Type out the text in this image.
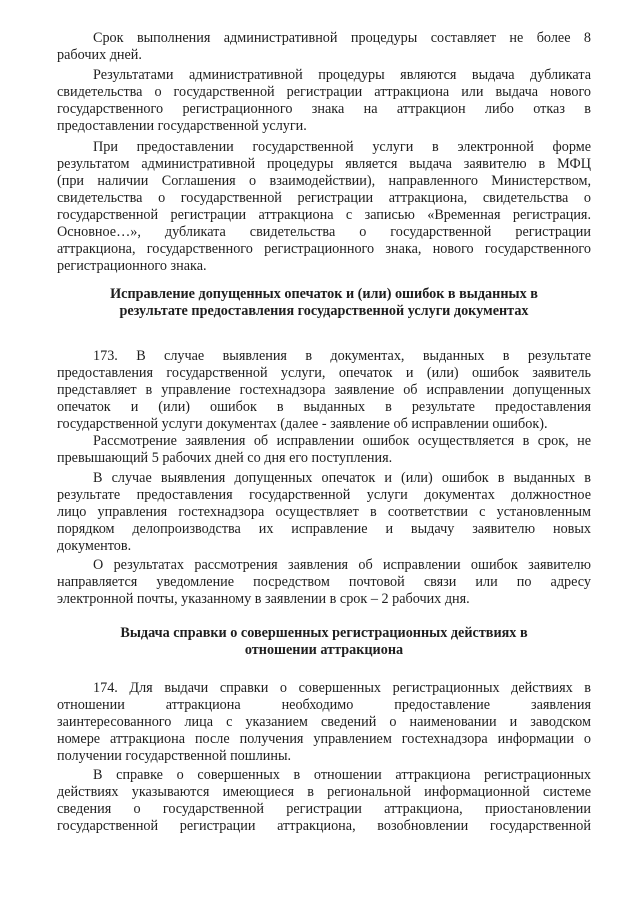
Срок выполнения административной процедуры составляет не более 8
рабочих дней.
Результатами административной процедуры являются выдача дубликата
свидетельства о государственной регистрации аттракциона или выдача нового
государственного регистрационного знака на аттракцион либо отказ в
предоставлении государственной услуги.
При предоставлении государственной услуги в электронной форме
результатом административной процедуры является выдача заявителю в МФЦ
(при наличии Соглашения о взаимодействии), направленного Министерством,
свидетельства о государственной регистрации аттракциона, свидетельства о
государственной регистрации аттракциона с записью «Временная регистрация.
Основное…», дубликата свидетельства о государственной регистрации
аттракциона, государственного регистрационного знака, нового государственного
регистрационного знака.
Исправление допущенных опечаток и (или) ошибок в выданных в
результате предоставления государственной услуги документах
173. В случае выявления в документах, выданных в результате
предоставления государственной услуги, опечаток и (или) ошибок заявитель
представляет в управление гостехнадзора заявление об исправлении допущенных
опечаток и (или) ошибок в выданных в результате предоставления
государственной услуги документах (далее - заявление об исправлении ошибок).
Рассмотрение заявления об исправлении ошибок осуществляется в срок, не
превышающий 5 рабочих дней со дня его поступления.
В случае выявления допущенных опечаток и (или) ошибок в выданных в
результате предоставления государственной услуги документах должностное
лицо управления гостехнадзора осуществляет в соответствии с установленным
порядком делопроизводства их исправление и выдачу заявителю новых
документов.
О результатах рассмотрения заявления об исправлении ошибок заявителю
направляется уведомление посредством почтовой связи или по адресу
электронной почты, указанному в заявлении в срок – 2 рабочих дня.
Выдача справки о совершенных регистрационных действиях в
отношении аттракциона
174. Для выдачи справки о совершенных регистрационных действиях в
отношении аттракциона необходимо предоставление заявления
заинтересованного лица с указанием сведений о наименовании и заводском
номере аттракциона после получения управлением гостехнадзора информации о
получении государственной пошлины.
В справке о совершенных в отношении аттракциона регистрационных
действиях указываются имеющиеся в региональной информационной системе
сведения о государственной регистрации аттракциона, приостановлении
государственной регистрации аттракциона, возобновлении государственной
